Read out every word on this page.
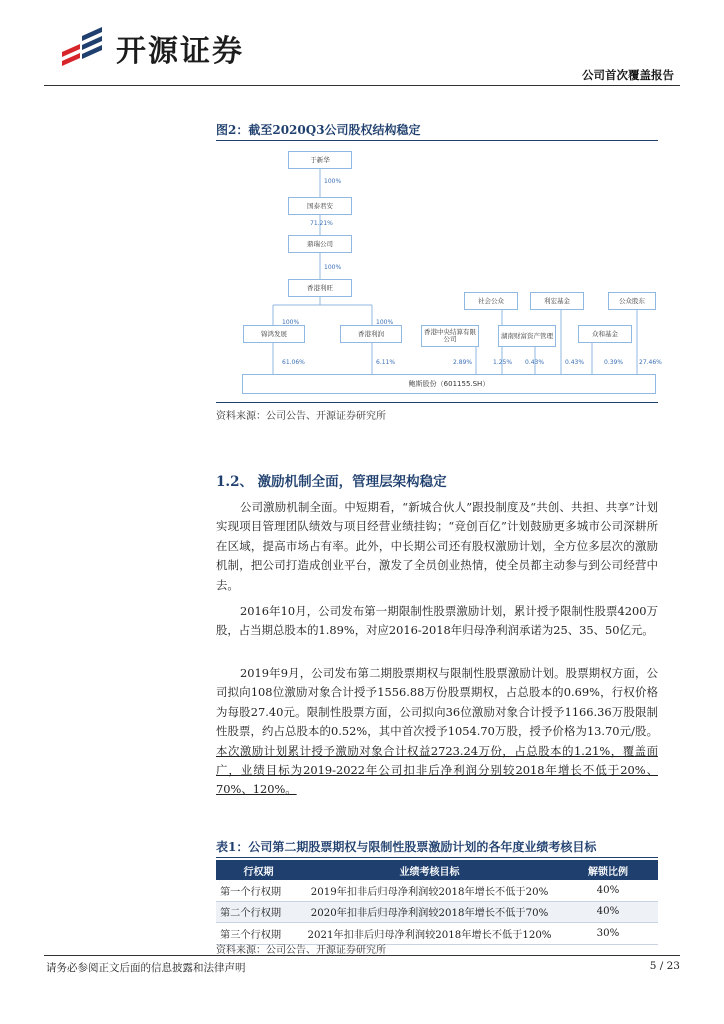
开源证券
公司首次覆盖报告
图2：截至2020Q3公司股权结构稳定
于新华
国泰君安
鼎瑞公司
香港利旺
锦鸿发展	香港利润	香港中央结算有限公司	湖南财富资产管理
社会公众	利宏基金	公众股东
众和基金
鲍斯股份（601155.SH）
100%
71.21%
100%
100%	100%
61.06%	6.11%	2.89%	1.25% 0.43%	0.43%	0.39%	27.46%
资料来源：公司公告、开源证券研究所
1.2、 激励机制全面，管理层架构稳定

公司激励机制全面。中短期看，“新城合伙人”跟投制度及“共创、共担、共享”计划实现项目管理团队绩效与项目经营业绩挂钩；“竞创百亿”计划鼓励更多城市公司深耕所在区域，提高市场占有率。此外，中长期公司还有股权激励计划，全方位多层次的激励机制，把公司打造成创业平台，激发了全员创业热情，使全员都主动参与到公司经营中去。

2016年10月，公司发布第一期限制性股票激励计划，累计授予限制性股票4200万股，占当期总股本的1.89%，对应2016-2018年归母净利润承诺为25、35、50亿元。

2019年9月，公司发布第二期股票期权与限制性股票激励计划。股票期权方面，公司拟向108位激励对象合计授予1556.88万份股票期权，占总股本的0.69%，行权价格为每股27.40元。限制性股票方面，公司拟向36位激励对象合计授予1166.36万股限制性股票，约占总股本的0.52%，其中首次授予1054.70万股，授予价格为13.70元/股。本次激励计划累计授予激励对象合计权益2723.24万份，占总股本的1.21%，覆盖面广，业绩目标为2019-2022年公司扣非后净利润分别较2018年增长不低于20%、70%、120%。

表1：公司第二期股票期权与限制性股票激励计划的各年度业绩考核目标
行权期	业绩考核目标	解锁比例
第一个行权期	2019年扣非后归母净利润较2018年增长不低于20%	40%
第二个行权期	2020年扣非后归母净利润较2018年增长不低于70%	40%
第三个行权期	2021年扣非后归母净利润较2018年增长不低于120%	30%
资料来源：公司公告、开源证券研究所
请务必参阅正文后面的信息披露和法律声明	5 / 23
